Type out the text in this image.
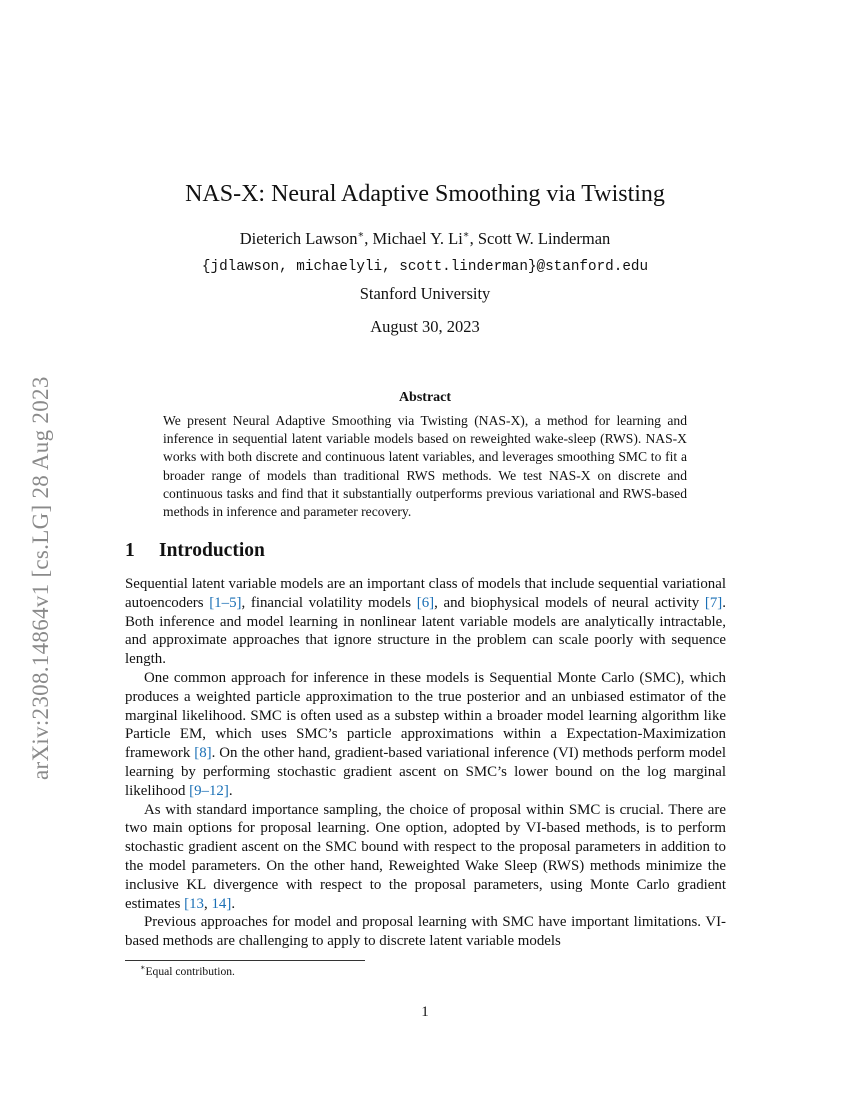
arXiv:2308.14864v1 [cs.LG] 28 Aug 2023
NAS-X: Neural Adaptive Smoothing via Twisting
Dieterich Lawson∗, Michael Y. Li∗, Scott W. Linderman
{jdlawson, michaelyli, scott.linderman}@stanford.edu
Stanford University
August 30, 2023
Abstract
We present Neural Adaptive Smoothing via Twisting (NAS-X), a method for learning and inference in sequential latent variable models based on reweighted wake-sleep (RWS). NAS-X works with both discrete and continuous latent variables, and leverages smoothing SMC to fit a broader range of models than traditional RWS methods. We test NAS-X on discrete and continuous tasks and find that it substantially outperforms previous variational and RWS-based methods in inference and parameter recovery.
1 Introduction

Sequential latent variable models are an important class of models that include sequential variational autoencoders [1–5], financial volatility models [6], and biophysical models of neural activity [7]. Both inference and model learning in nonlinear latent variable models are analytically intractable, and approximate approaches that ignore structure in the problem can scale poorly with sequence length.

One common approach for inference in these models is Sequential Monte Carlo (SMC), which produces a weighted particle approximation to the true posterior and an unbiased estimator of the marginal likelihood. SMC is often used as a substep within a broader model learning algorithm like Particle EM, which uses SMC’s particle approximations within a Expectation-Maximization framework [8]. On the other hand, gradient-based variational inference (VI) methods perform model learning by performing stochastic gradient ascent on SMC’s lower bound on the log marginal likelihood [9–12].

As with standard importance sampling, the choice of proposal within SMC is crucial. There are two main options for proposal learning. One option, adopted by VI-based methods, is to perform stochastic gradient ascent on the SMC bound with respect to the proposal parameters in addition to the model parameters. On the other hand, Reweighted Wake Sleep (RWS) methods minimize the inclusive KL divergence with respect to the proposal parameters, using Monte Carlo gradient estimates [13, 14].

Previous approaches for model and proposal learning with SMC have important limitations. VI-based methods are challenging to apply to discrete latent variable models

∗Equal contribution.
1
